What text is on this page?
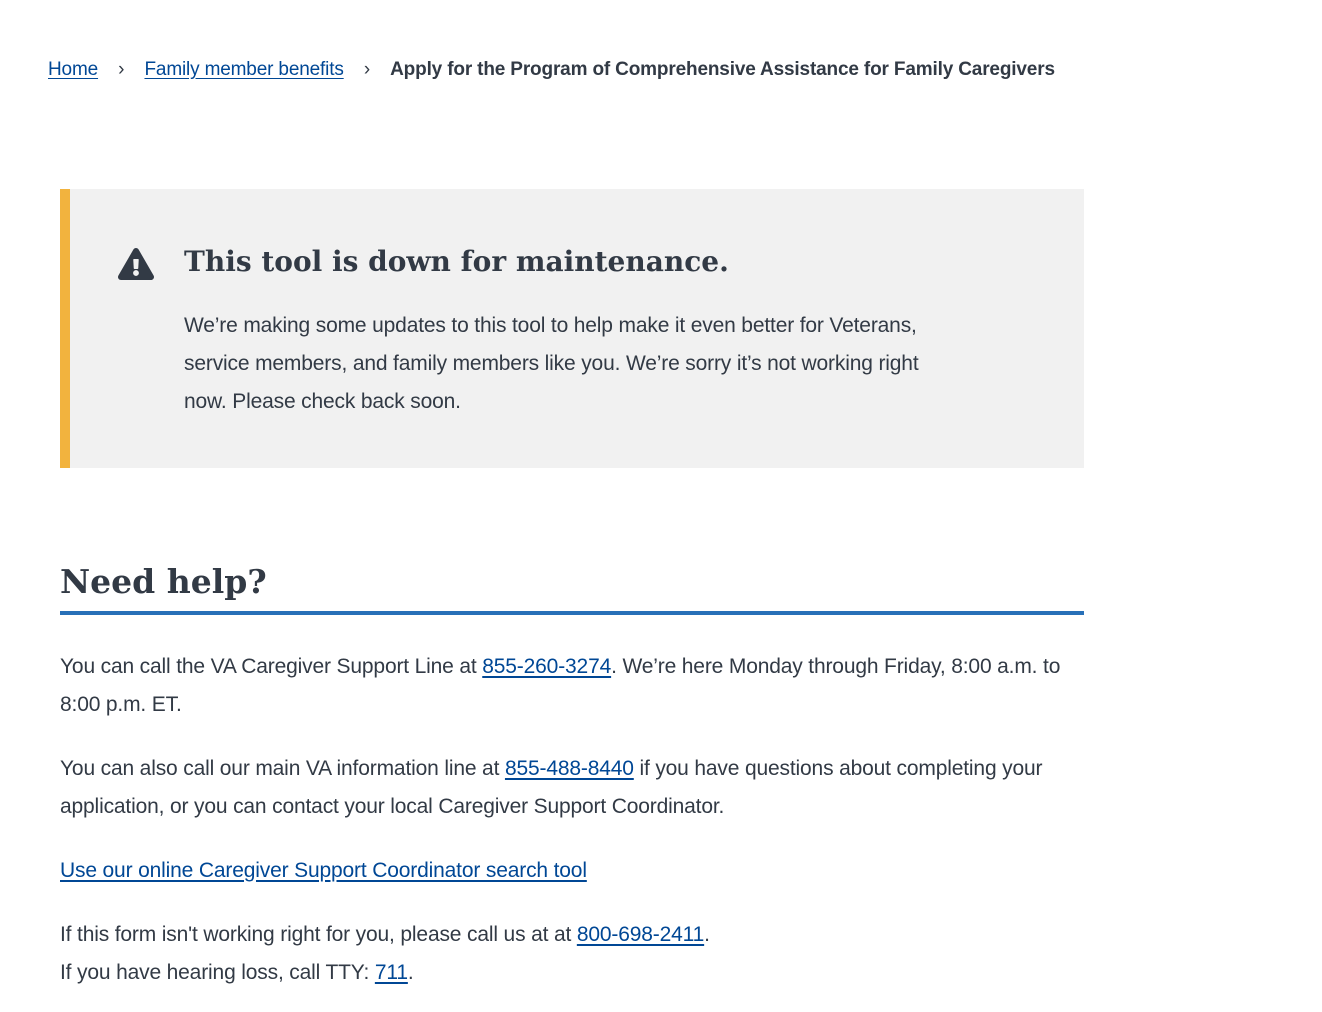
Home › Family member benefits › Apply for the Program of Comprehensive Assistance for Family Caregivers
This tool is down for maintenance.

We’re making some updates to this tool to help make it even better for Veterans, service members, and family members like you. We’re sorry it’s not working right now. Please check back soon.

Need help?

You can call the VA Caregiver Support Line at 855-260-3274. We’re here Monday through Friday, 8:00 a.m. to 8:00 p.m. ET.

You can also call our main VA information line at 855-488-8440 if you have questions about completing your application, or you can contact your local Caregiver Support Coordinator.

Use our online Caregiver Support Coordinator search tool

If this form isn't working right for you, please call us at at 800-698-2411.
If you have hearing loss, call TTY: 711.
